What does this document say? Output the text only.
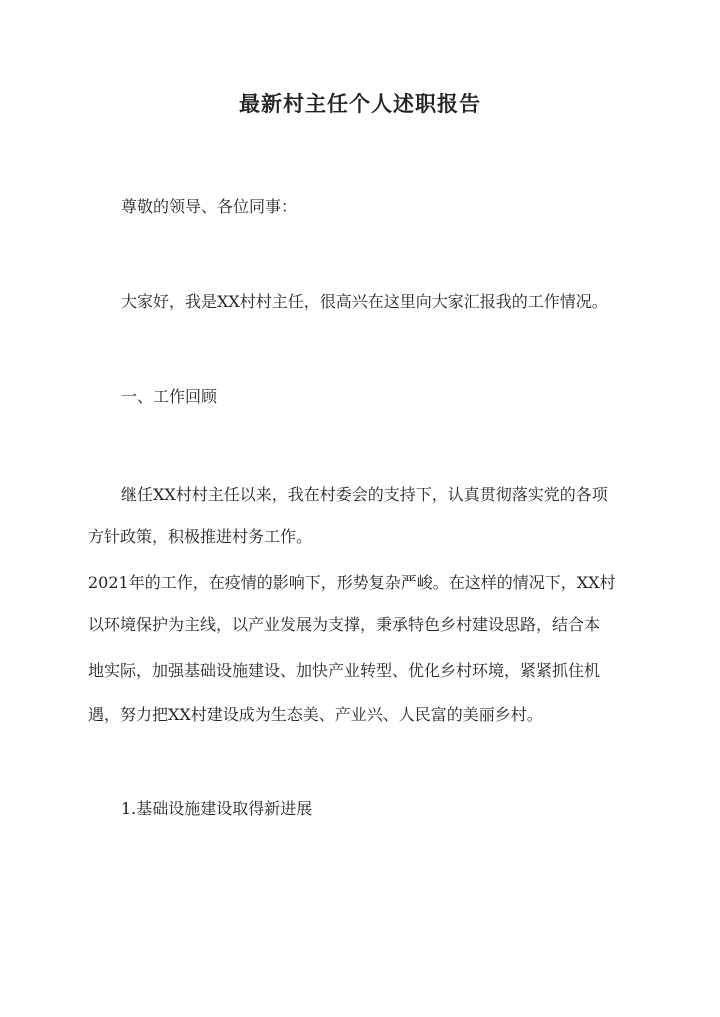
最新村主任个人述职报告
尊敬的领导、各位同事：
大家好，我是XX村村主任，很高兴在这里向大家汇报我的工作情况。
一、工作回顾
继任XX村村主任以来，我在村委会的支持下，认真贯彻落实党的各项
方针政策，积极推进村务工作。
2021年的工作，在疫情的影响下，形势复杂严峻。在这样的情况下，XX村
以环境保护为主线，以产业发展为支撑，秉承特色乡村建设思路，结合本
地实际，加强基础设施建设、加快产业转型、优化乡村环境，紧紧抓住机
遇，努力把XX村建设成为生态美、产业兴、人民富的美丽乡村。
1.基础设施建设取得新进展
